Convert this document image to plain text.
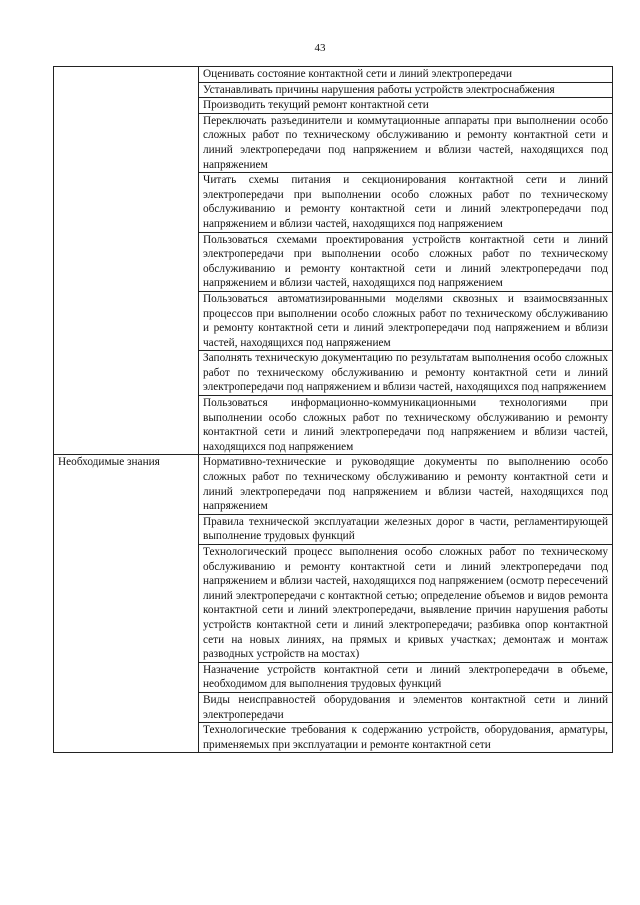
43
	Оценивать состояние контактной сети и линий электропередачи
	Устанавливать причины нарушения работы устройств электроснабжения
	Производить текущий ремонт контактной сети
	Переключать разъединители и коммутационные аппараты при выполнении особо сложных работ по техническому обслуживанию и ремонту контактной сети и линий электропередачи под напряжением и вблизи частей, находящихся под напряжением
	Читать схемы питания и секционирования контактной сети и линий электропередачи при выполнении особо сложных работ по техническому обслуживанию и ремонту контактной сети и линий электропередачи под напряжением и вблизи частей, находящихся под напряжением
	Пользоваться схемами проектирования устройств контактной сети и линий электропередачи при выполнении особо сложных работ по техническому обслуживанию и ремонту контактной сети и линий электропередачи под напряжением и вблизи частей, находящихся под напряжением
	Пользоваться автоматизированными моделями сквозных и взаимосвязанных процессов при выполнении особо сложных работ по техническому обслуживанию и ремонту контактной сети и линий электропередачи под напряжением и вблизи частей, находящихся под напряжением
	Заполнять техническую документацию по результатам выполнения особо сложных работ по техническому обслуживанию и ремонту контактной сети и линий электропередачи под напряжением и вблизи частей, находящихся под напряжением
	Пользоваться информационно-коммуникационными технологиями при выполнении особо сложных работ по техническому обслуживанию и ремонту контактной сети и линий электропередачи под напряжением и вблизи частей, находящихся под напряжением

Необходимые знания	Нормативно-технические и руководящие документы по выполнению особо сложных работ по техническому обслуживанию и ремонту контактной сети и линий электропередачи под напряжением и вблизи частей, находящихся под напряжением
	Правила технической эксплуатации железных дорог в части, регламентирующей выполнение трудовых функций
	Технологический процесс выполнения особо сложных работ по техническому обслуживанию и ремонту контактной сети и линий электропередачи под напряжением и вблизи частей, находящихся под напряжением (осмотр пересечений линий электропередачи с контактной сетью; определение объемов и видов ремонта контактной сети и линий электропередачи, выявление причин нарушения работы устройств контактной сети и линий электропередачи; разбивка опор контактной сети на новых линиях, на прямых и кривых участках; демонтаж и монтаж разводных устройств на мостах)
	Назначение устройств контактной сети и линий электропередачи в объеме, необходимом для выполнения трудовых функций
	Виды неисправностей оборудования и элементов контактной сети и линий электропередачи
	Технологические требования к содержанию устройств, оборудования, арматуры, применяемых при эксплуатации и ремонте контактной сети
